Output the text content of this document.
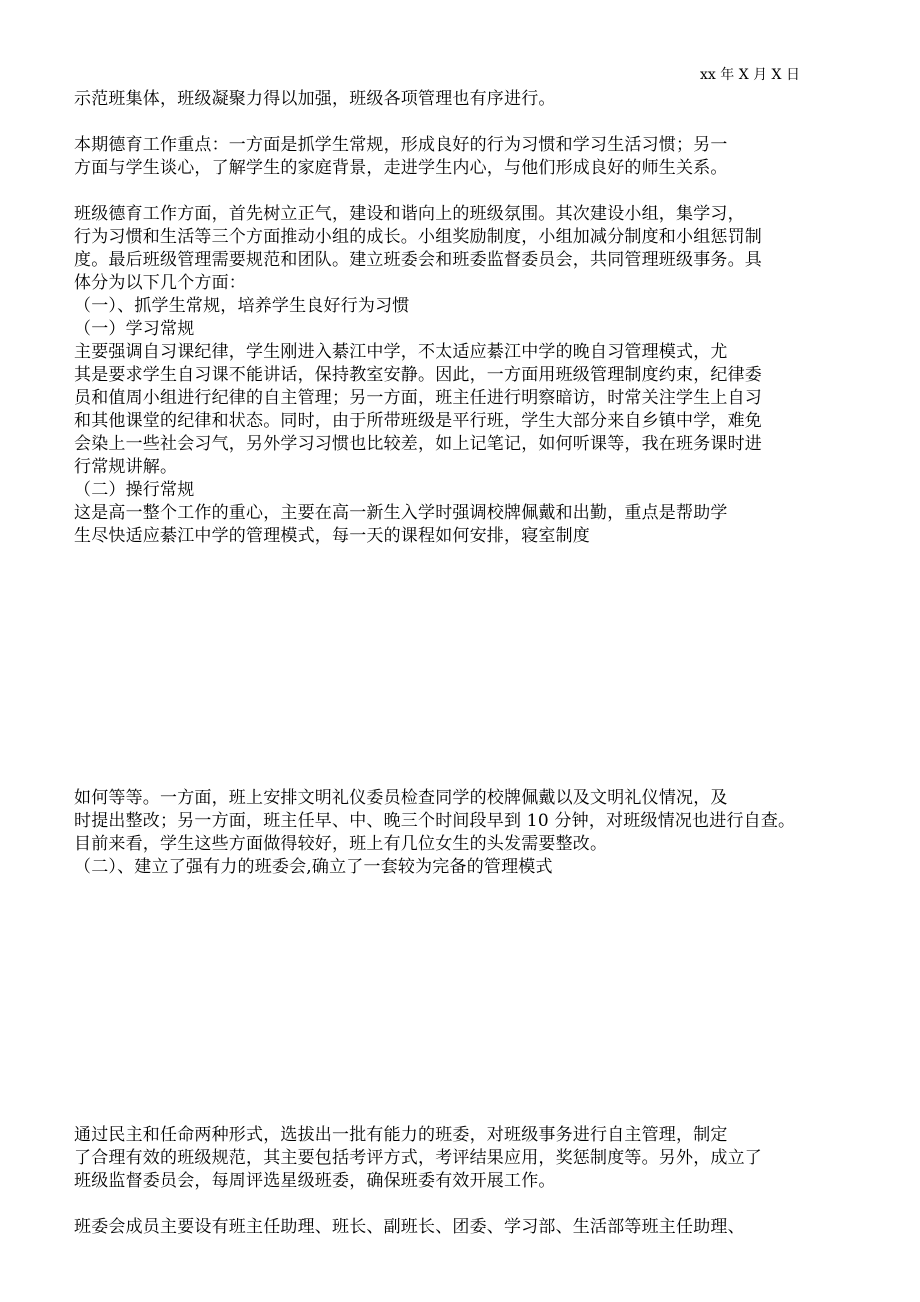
xx 年 X 月 X 日
示范班集体，班级凝聚力得以加强，班级各项管理也有序进行。
本期德育工作重点：一方面是抓学生常规，形成良好的行为习惯和学习生活习惯；另一
方面与学生谈心，了解学生的家庭背景，走进学生内心，与他们形成良好的师生关系。
班级德育工作方面，首先树立正气，建设和谐向上的班级氛围。其次建设小组，集学习，
行为习惯和生活等三个方面推动小组的成长。小组奖励制度，小组加减分制度和小组惩罚制
度。最后班级管理需要规范和团队。建立班委会和班委监督委员会，共同管理班级事务。具
体分为以下几个方面：
（一）、抓学生常规，培养学生良好行为习惯
（一）学习常规
主要强调自习课纪律，学生刚进入綦江中学，不太适应綦江中学的晚自习管理模式，尤
其是要求学生自习课不能讲话，保持教室安静。因此，一方面用班级管理制度约束，纪律委
员和值周小组进行纪律的自主管理；另一方面，班主任进行明察暗访，时常关注学生上自习
和其他课堂的纪律和状态。同时，由于所带班级是平行班，学生大部分来自乡镇中学，难免
会染上一些社会习气，另外学习习惯也比较差，如上记笔记，如何听课等，我在班务课时进
行常规讲解。
（二）操行常规
这是高一整个工作的重心，主要在高一新生入学时强调校牌佩戴和出勤，重点是帮助学
生尽快适应綦江中学的管理模式，每一天的课程如何安排，寝室制度
如何等等。一方面，班上安排文明礼仪委员检查同学的校牌佩戴以及文明礼仪情况，及
时提出整改；另一方面，班主任早、中、晚三个时间段早到 10 分钟，对班级情况也进行自查。
目前来看，学生这些方面做得较好，班上有几位女生的头发需要整改。
（二）、建立了强有力的班委会,确立了一套较为完备的管理模式
通过民主和任命两种形式，选拔出一批有能力的班委，对班级事务进行自主管理，制定
了合理有效的班级规范，其主要包括考评方式，考评结果应用，奖惩制度等。另外，成立了
班级监督委员会，每周评选星级班委，确保班委有效开展工作。
班委会成员主要设有班主任助理、班长、副班长、团委、学习部、生活部等班主任助理、
